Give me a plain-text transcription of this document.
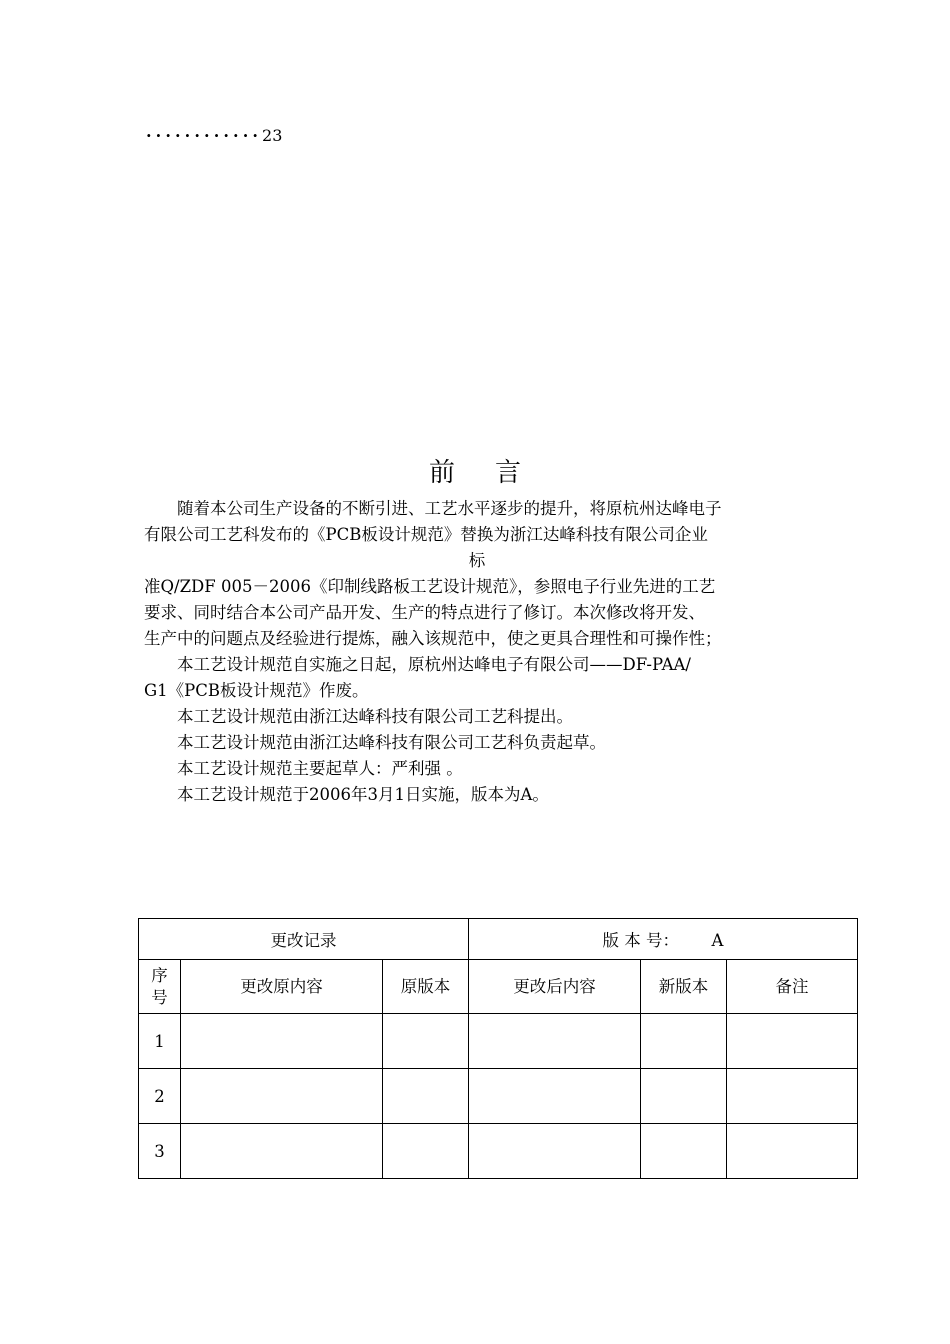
············23
前言
随着本公司生产设备的不断引进、工艺水平逐步的提升，将原杭州达峰电子
有限公司工艺科发布的《PCB板设计规范》替换为浙江达峰科技有限公司企业
标
准Q/ZDF 005－2006《印制线路板工艺设计规范》，参照电子行业先进的工艺
要求、同时结合本公司产品开发、生产的特点进行了修订。本次修改将开发、
生产中的问题点及经验进行提炼，融入该规范中，使之更具合理性和可操作性；
本工艺设计规范自实施之日起，原杭州达峰电子有限公司——DF-PAA/
G1《PCB板设计规范》作废。
本工艺设计规范由浙江达峰科技有限公司工艺科提出。
本工艺设计规范由浙江达峰科技有限公司工艺科负责起草。
本工艺设计规范主要起草人：严利强 。
本工艺设计规范于2006年3月1日实施，版本为A。
更改记录			版 本 号： A		
序号	更改原内容	原版本	更改后内容	新版本	备注
1					
2					
3					
